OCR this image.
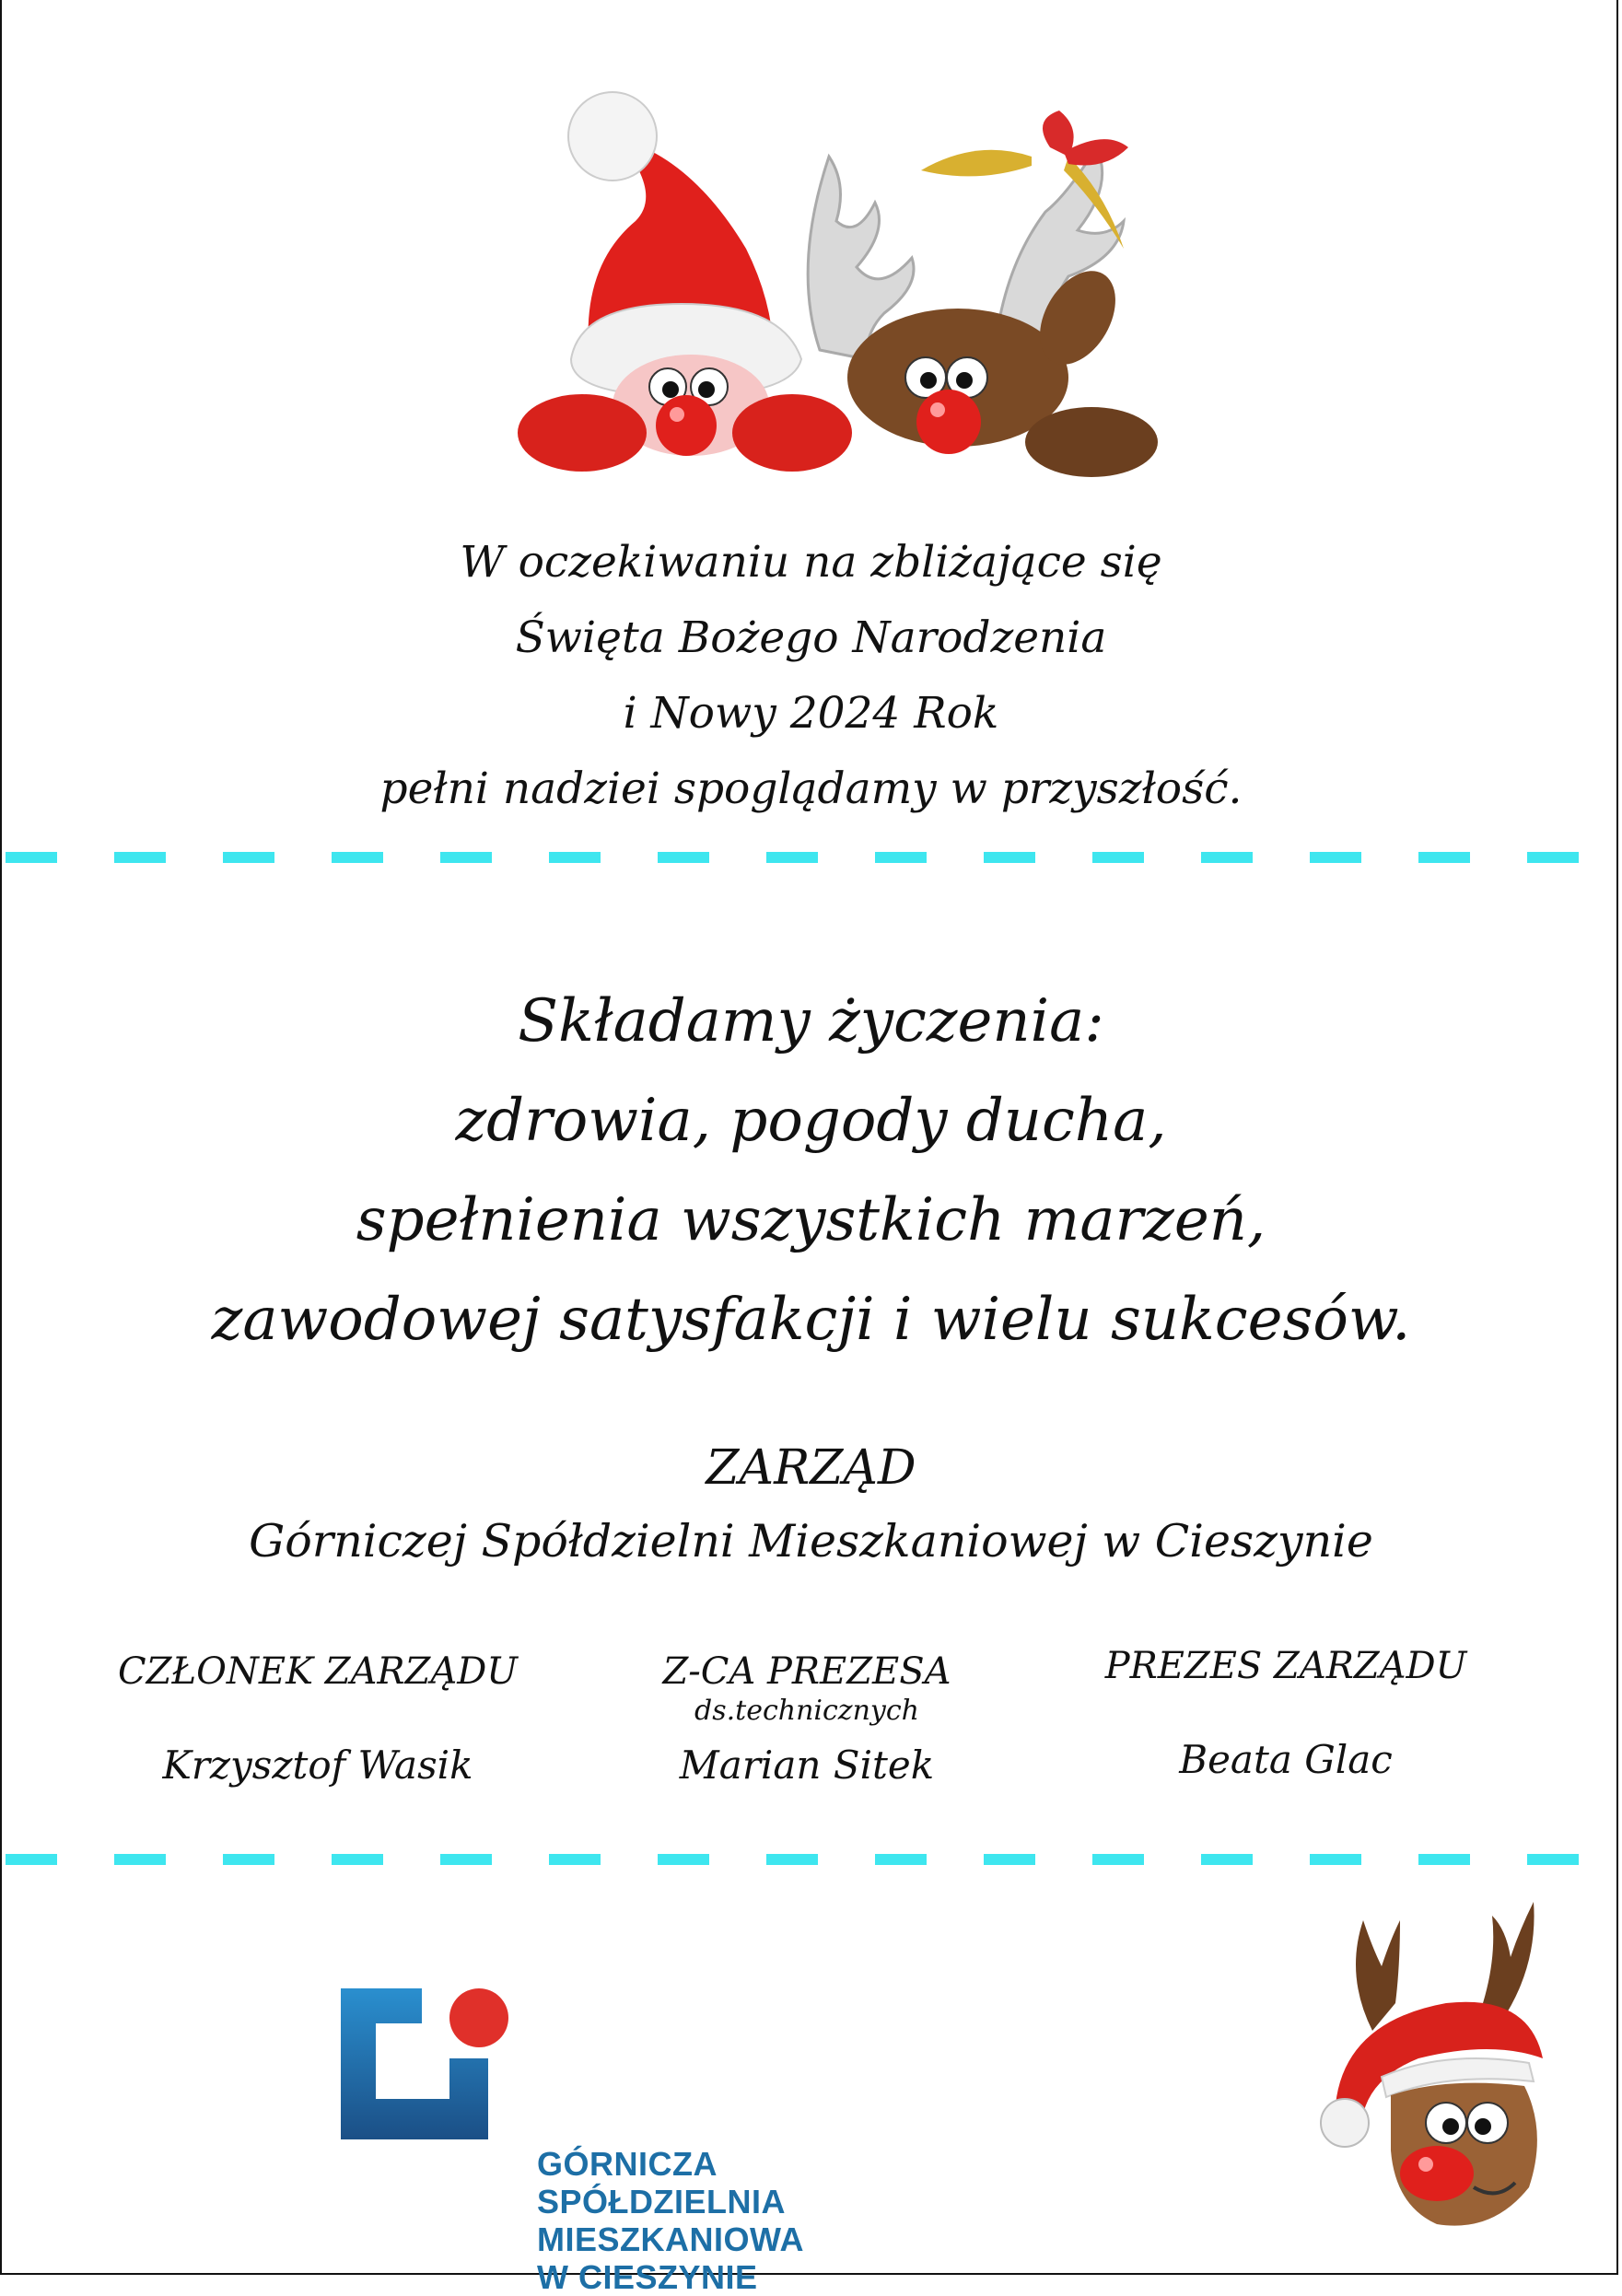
W oczekiwaniu na zbliżające się
Święta Bożego Narodzenia
i Nowy 2024 Rok
pełni nadziei spoglądamy w przyszłość.
Składamy życzenia:
zdrowia, pogody ducha,
spełnienia wszystkich marzeń,
zawodowej satysfakcji i wielu sukcesów.
ZARZĄD
Górniczej Spółdzielni Mieszkaniowej w Cieszynie
CZŁONEK ZARZĄDU

Krzysztof Wasik
Z-CA PREZESA
ds.technicznych
Marian Sitek
PREZES ZARZĄDU

Beata Glac
GÓRNICZA
SPÓŁDZIELNIA
MIESZKANIOWA
W CIESZYNIE
